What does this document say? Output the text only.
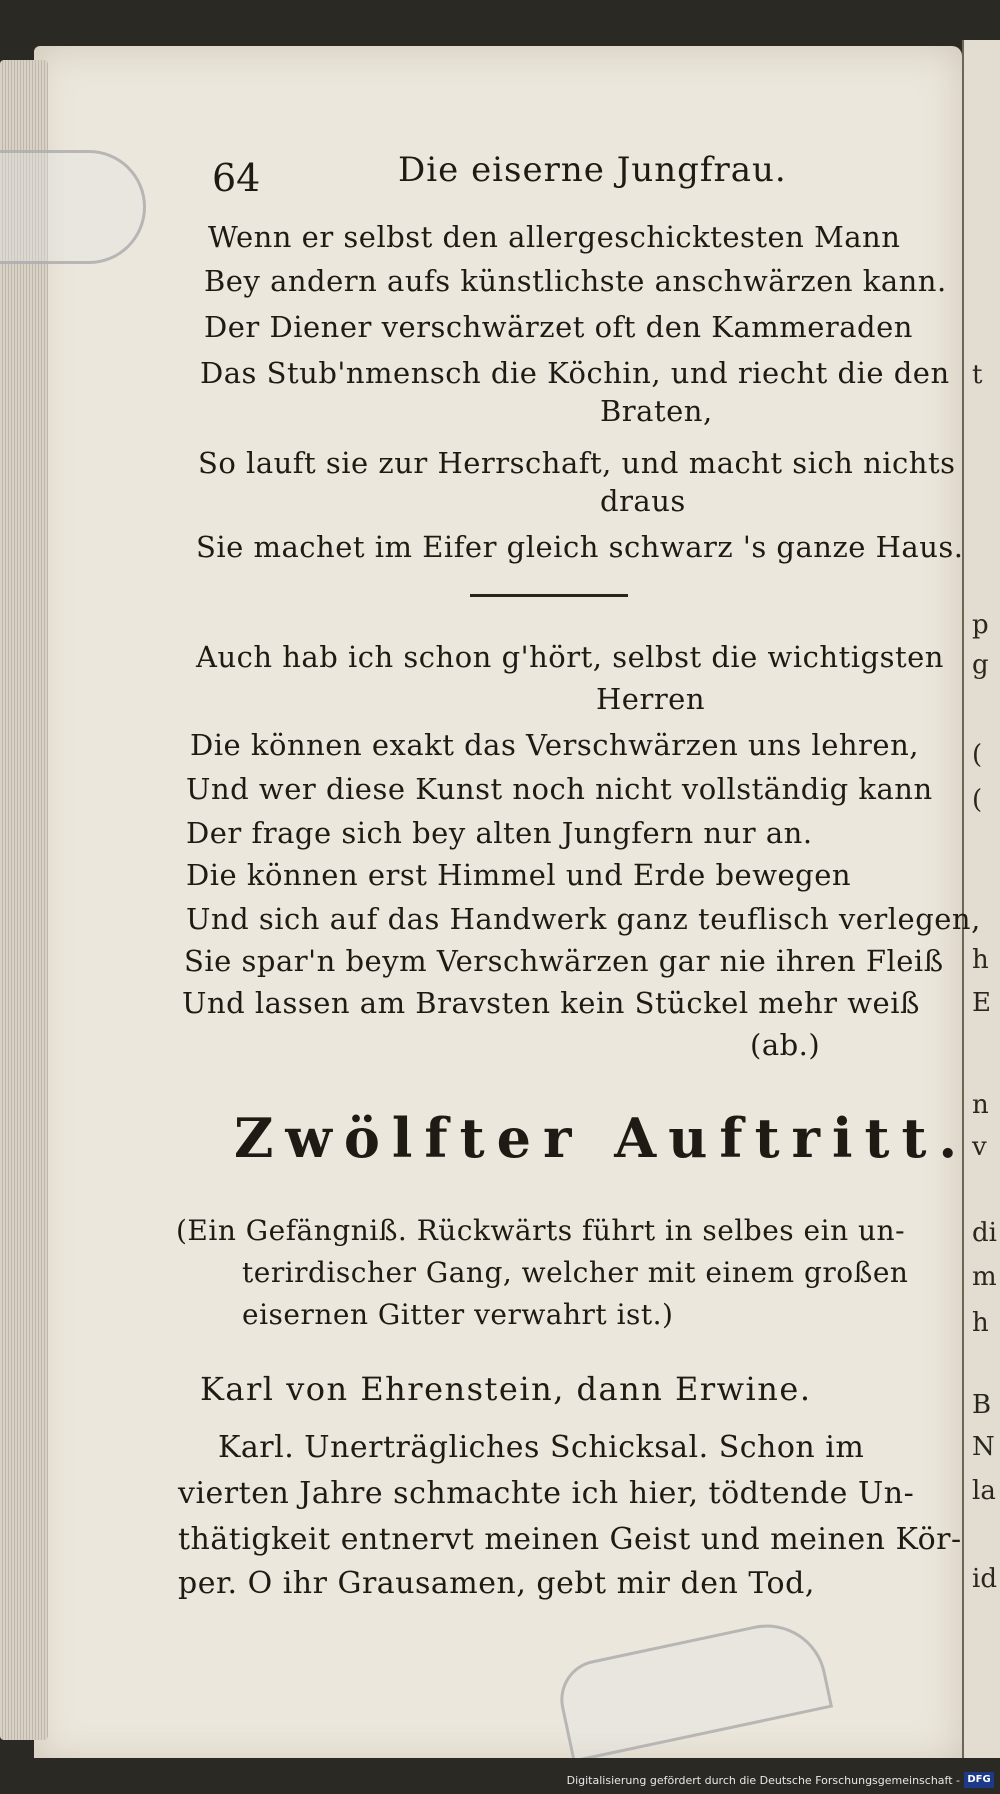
t
p
g
(
(
h
E
n
v
di
m
h
B
N
la
id
64	Die eiserne Jungfrau.
Wenn er selbst den allergeschicktesten Mann
Bey andern aufs künstlichste anschwärzen kann.
Der Diener verschwärzet oft den Kammeraden
Das Stub'nmensch die Köchin, und riecht die den
Braten,
So lauft sie zur Herrschaft, und macht sich nichts
draus
Sie machet im Eifer gleich schwarz 's ganze Haus.
Auch hab ich schon g'hört, selbst die wichtigsten
Herren
Die können exakt das Verschwärzen uns lehren,
Und wer diese Kunst noch nicht vollständig kann
Der frage sich bey alten Jungfern nur an.
Die können erst Himmel und Erde bewegen
Und sich auf das Handwerk ganz teuflisch verlegen,
Sie spar'n beym Verschwärzen gar nie ihren Fleiß
Und lassen am Bravsten kein Stückel mehr weiß
(ab.)
Zwölfter Auftritt.
(Ein Gefängniß. Rückwärts führt in selbes ein un-
terirdischer Gang, welcher mit einem großen
eisernen Gitter verwahrt ist.)
Karl von Ehrenstein, dann Erwine.
Karl. Unerträgliches Schicksal. Schon im
vierten Jahre schmachte ich hier, tödtende Un-
thätigkeit entnervt meinen Geist und meinen Kör-
per. O ihr Grausamen, gebt mir den Tod,
Digitalisierung gefördert durch die Deutsche Forschungsgemeinschaft - DFG
